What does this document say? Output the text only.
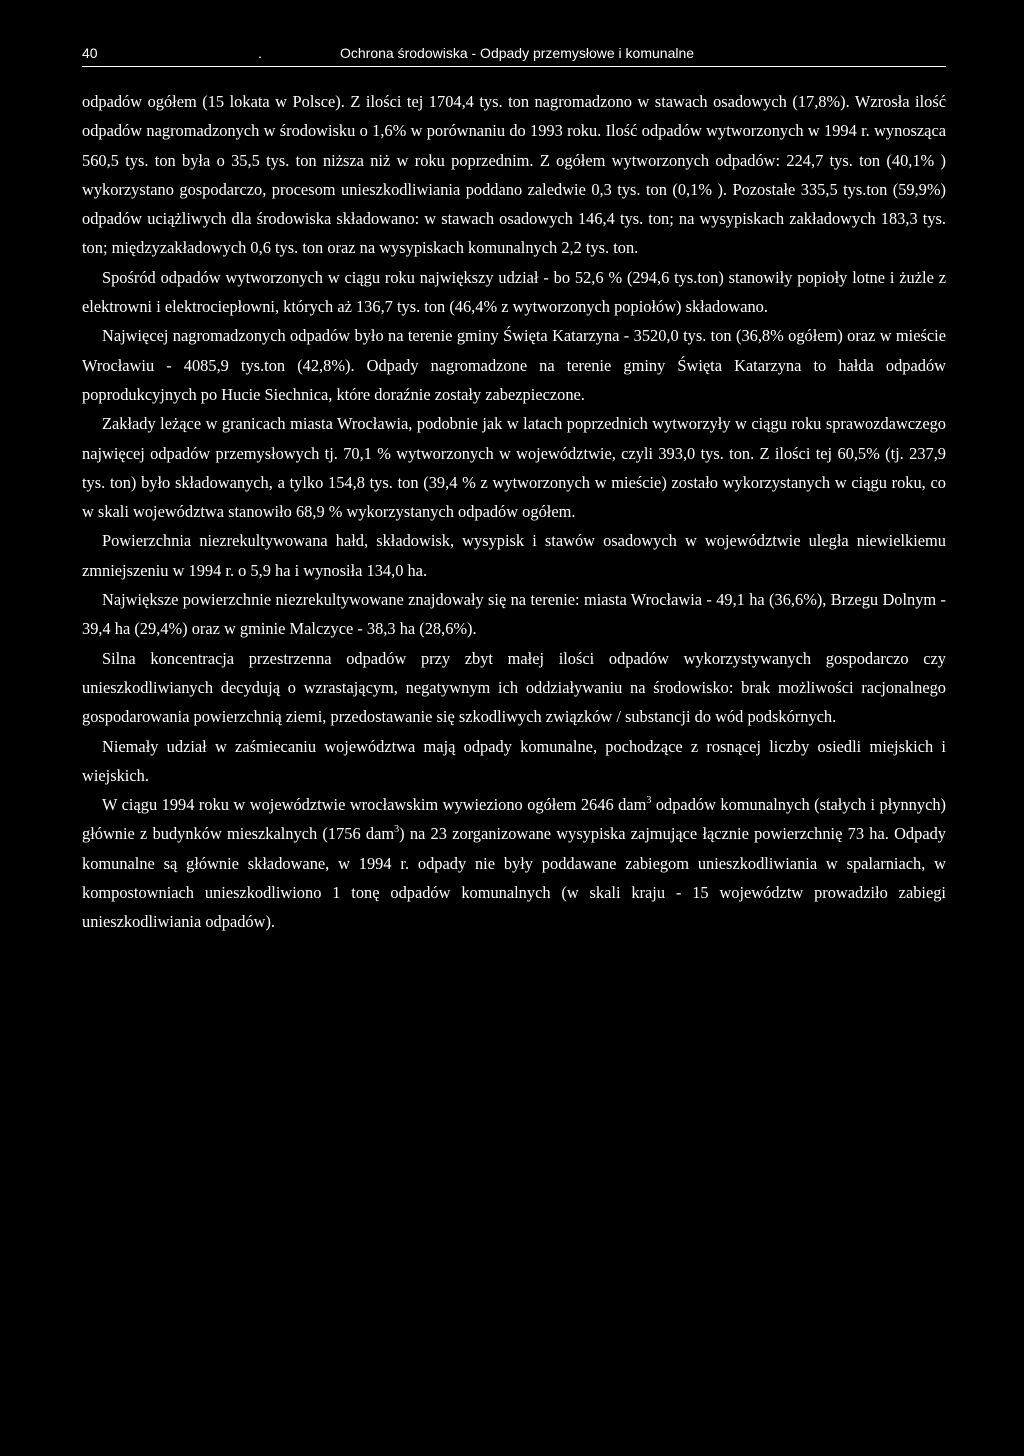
40	.	Ochrona środowiska - Odpady przemysłowe i komunalne

odpadów ogółem (15 lokata w Polsce). Z ilości tej 1704,4 tys. ton nagromadzono w stawach osadowych (17,8%). Wzrosła ilość odpadów nagromadzonych w środowisku o 1,6% w porównaniu do 1993 roku. Ilość odpadów wytworzonych w 1994 r. wynosząca 560,5 tys. ton była o 35,5 tys. ton niższa niż w roku poprzednim. Z ogółem wytworzonych odpadów: 224,7 tys. ton (40,1% ) wykorzystano gospodarczo, procesom unieszkodliwiania poddano zaledwie 0,3 tys. ton (0,1% ). Pozostałe 335,5 tys.ton (59,9%) odpadów uciążliwych dla środowiska składowano: w stawach osadowych 146,4 tys. ton; na wysypiskach zakładowych 183,3 tys. ton; międzyzakładowych 0,6 tys. ton oraz na wysypiskach komunalnych 2,2 tys. ton.

Spośród odpadów wytworzonych w ciągu roku największy udział - bo 52,6 % (294,6 tys.ton) stanowiły popioły lotne i żużle z elektrowni i elektrociepłowni, których aż 136,7 tys. ton (46,4% z wytworzonych popiołów) składowano.

Najwięcej nagromadzonych odpadów było na terenie gminy Święta Katarzyna - 3520,0 tys. ton (36,8% ogółem) oraz w mieście Wrocławiu - 4085,9 tys.ton (42,8%). Odpady nagromadzone na terenie gminy Święta Katarzyna to hałda odpadów poprodukcyjnych po Hucie Siechnica, które doraźnie zostały zabezpieczone.

Zakłady leżące w granicach miasta Wrocławia, podobnie jak w latach poprzednich wytworzyły w ciągu roku sprawozdawczego najwięcej odpadów przemysłowych tj. 70,1 % wytworzonych w województwie, czyli 393,0 tys. ton. Z ilości tej 60,5% (tj. 237,9 tys. ton) było składowanych, a tylko 154,8 tys. ton (39,4 % z wytworzonych w mieście) zostało wykorzystanych w ciągu roku, co w skali województwa stanowiło 68,9 % wykorzystanych odpadów ogółem.

Powierzchnia niezrekultywowana hałd, składowisk, wysypisk i stawów osadowych w województwie uległa niewielkiemu zmniejszeniu w 1994 r. o 5,9 ha i wynosiła 134,0 ha.

Największe powierzchnie niezrekultywowane znajdowały się na terenie: miasta Wrocławia - 49,1 ha (36,6%), Brzegu Dolnym - 39,4 ha (29,4%) oraz w gminie Malczyce - 38,3 ha (28,6%).

Silna koncentracja przestrzenna odpadów przy zbyt małej ilości odpadów wykorzystywanych gospodarczo czy unieszkodliwianych decydują o wzrastającym, negatywnym ich oddziaływaniu na środowisko: brak możliwości racjonalnego gospodarowania powierzchnią ziemi, przedostawanie się szkodliwych związków / substancji do wód podskórnych.

Niemały udział w zaśmiecaniu województwa mają odpady komunalne, pochodzące z rosnącej liczby osiedli miejskich i wiejskich.

W ciągu 1994 roku w województwie wrocławskim wywieziono ogółem 2646 dam$^3$ odpadów komunalnych (stałych i płynnych) głównie z budynków mieszkalnych (1756 dam$^3$) na 23 zorganizowane wysypiska zajmujące łącznie powierzchnię 73 ha. Odpady komunalne są głównie składowane, w 1994 r. odpady nie były poddawane zabiegom unieszkodliwiania w spalarniach, w kompostowniach unieszkodliwiono 1 tonę odpadów komunalnych (w skali kraju - 15 województw prowadziło zabiegi unieszkodliwiania odpadów).
